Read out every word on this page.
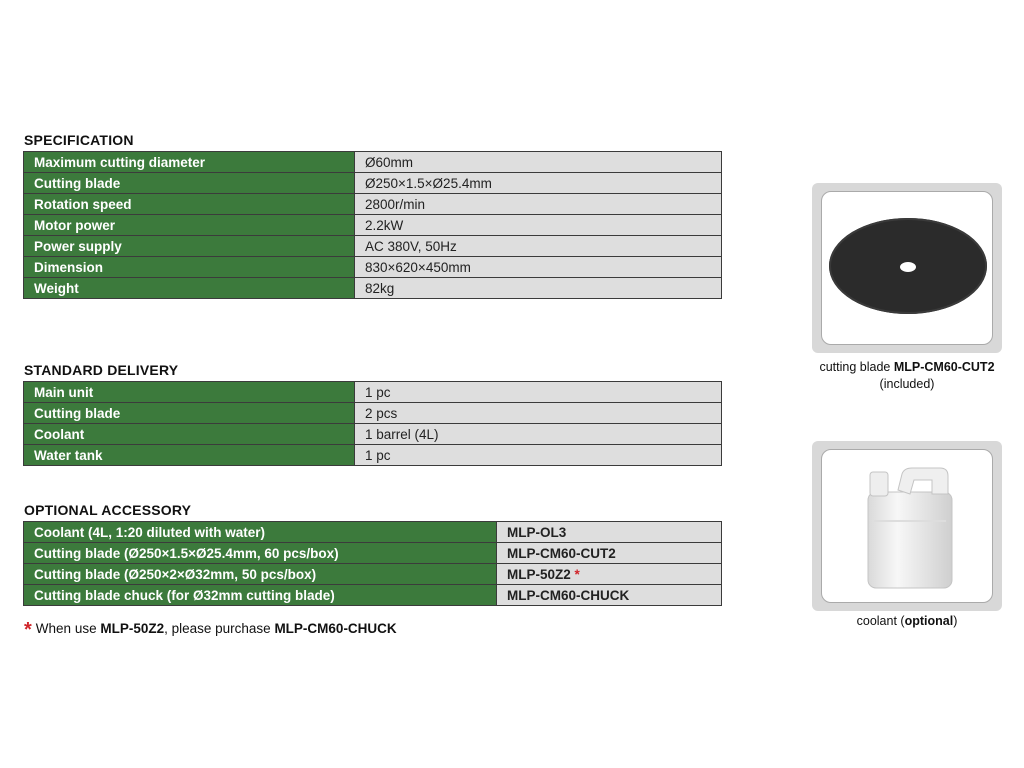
SPECIFICATION
Maximum cutting diameter	Ø60mm
Cutting blade	Ø250×1.5×Ø25.4mm
Rotation speed	2800r/min
Motor power	2.2kW
Power supply	AC 380V, 50Hz
Dimension	830×620×450mm
Weight	82kg
STANDARD DELIVERY
Main unit	1 pc
Cutting blade	2 pcs
Coolant	1 barrel (4L)
Water tank	1 pc
OPTIONAL ACCESSORY
Coolant (4L, 1:20 diluted with water)	MLP-OL3
Cutting blade (Ø250×1.5×Ø25.4mm, 60 pcs/box)	MLP-CM60-CUT2
Cutting blade (Ø250×2×Ø32mm, 50 pcs/box)	MLP-50Z2 *
Cutting blade chuck (for Ø32mm cutting blade)	MLP-CM60-CHUCK
* When use MLP-50Z2, please purchase MLP-CM60-CHUCK
cutting blade MLP-CM60-CUT2
(included)
coolant (optional)
